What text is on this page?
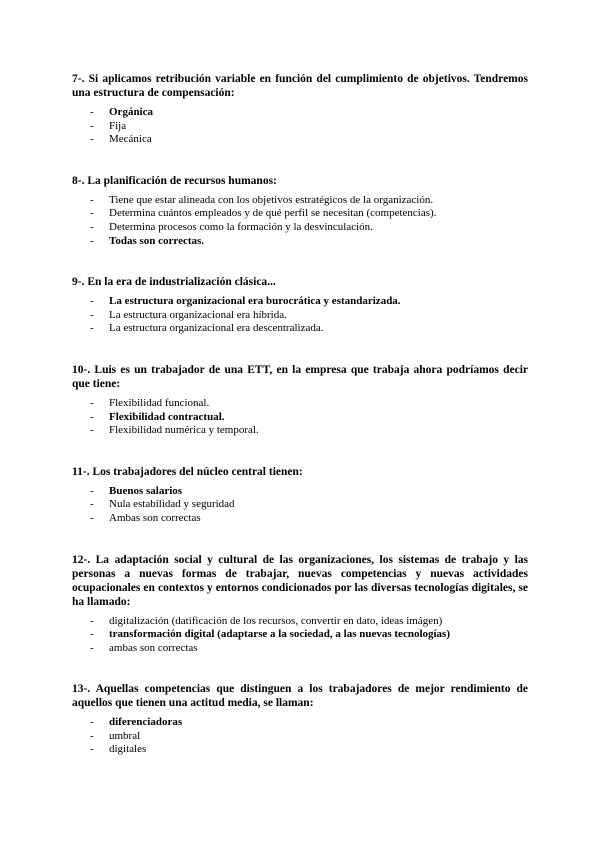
7-. Si aplicamos retribución variable en función del cumplimiento de objetivos. Tendremos una estructura de compensación:

- Orgánica
- Fija
- Mecánica

8-. La planificación de recursos humanos:

- Tiene que estar alineada con los objetivos estratégicos de la organización.
- Determina cuántos empleados y de qué perfil se necesitan (competencias).
- Determina procesos como la formación y la desvinculación.
- Todas son correctas.

9-. En la era de industrialización clásica...

- La estructura organizacional era burocrática y estandarizada.
- La estructura organizacional era híbrida.
- La estructura organizacional era descentralizada.

10-. Luis es un trabajador de una ETT, en la empresa que trabaja ahora podríamos decir que tiene:

- Flexibilidad funcional.
- Flexibilidad contractual.
- Flexibilidad numérica y temporal.

11-. Los trabajadores del núcleo central tienen:

- Buenos salarios
- Nula estabilidad y seguridad
- Ambas son correctas

12-. La adaptación social y cultural de las organizaciones, los sistemas de trabajo y las personas a nuevas formas de trabajar, nuevas competencias y nuevas actividades ocupacionales en contextos y entornos condicionados por las diversas tecnologías digitales, se ha llamado:

- digitalización (datificación de los recursos, convertir en dato, ideas imágen)
- transformación digital (adaptarse a la sociedad, a las nuevas tecnologías)
- ambas son correctas

13-. Aquellas competencias que distinguen a los trabajadores de mejor rendimiento de aquellos que tienen una actitud media, se llaman:

- diferenciadoras
- umbral
- digitales
